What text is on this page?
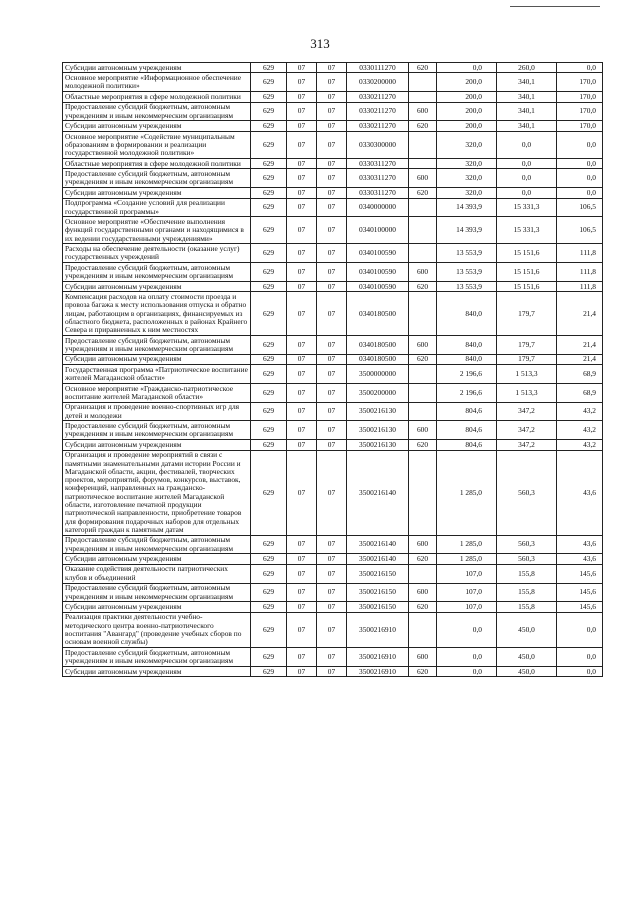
313
Субсидии автономным учреждениям	629	07	07	0330111270	620	0,0	260,0	0,0
Основное мероприятие «Информационное обеспечение молодежной политики»	629	07	07	0330200000		200,0	340,1	170,0
Областные мероприятия в сфере молодежной политики	629	07	07	0330211270		200,0	340,1	170,0
Предоставление субсидий бюджетным, автономным учреждениям и иным некоммерческим организациям	629	07	07	0330211270	600	200,0	340,1	170,0
Субсидии автономным учреждениям	629	07	07	0330211270	620	200,0	340,1	170,0
Основное мероприятие «Содействие муниципальным образованиям в формировании и реализации государственной молодежной политики»	629	07	07	0330300000		320,0	0,0	0,0
Областные мероприятия в сфере молодежной политики	629	07	07	0330311270		320,0	0,0	0,0
Предоставление субсидий бюджетным, автономным учреждениям и иным некоммерческим организациям	629	07	07	0330311270	600	320,0	0,0	0,0
Субсидии автономным учреждениям	629	07	07	0330311270	620	320,0	0,0	0,0
Подпрограмма «Создание условий для реализации государственной программы»	629	07	07	0340000000		14 393,9	15 331,3	106,5
Основное мероприятие «Обеспечение выполнения функций государственными органами и находящимися в их ведении государственными учреждениями»	629	07	07	0340100000		14 393,9	15 331,3	106,5
Расходы на обеспечение деятельности (оказание услуг) государственных учреждений	629	07	07	0340100590		13 553,9	15 151,6	111,8
Предоставление субсидий бюджетным, автономным учреждениям и иным некоммерческим организациям	629	07	07	0340100590	600	13 553,9	15 151,6	111,8
Субсидии автономным учреждениям	629	07	07	0340100590	620	13 553,9	15 151,6	111,8
Компенсация расходов на оплату стоимости проезда и провоза багажа к месту использования отпуска и обратно лицам, работающим в организациях, финансируемых из областного бюджета, расположенных в районах Крайнего Севера и приравненных к ним местностях	629	07	07	0340180500		840,0	179,7	21,4
Предоставление субсидий бюджетным, автономным учреждениям и иным некоммерческим организациям	629	07	07	0340180500	600	840,0	179,7	21,4
Субсидии автономным учреждениям	629	07	07	0340180500	620	840,0	179,7	21,4
Государственная программа «Патриотическое воспитание жителей Магаданской области»	629	07	07	3500000000		2 196,6	1 513,3	68,9
Основное мероприятие «Гражданско-патриотическое воспитание жителей Магаданской области»	629	07	07	3500200000		2 196,6	1 513,3	68,9
Организация и проведение военно-спортивных игр для детей и молодежи	629	07	07	3500216130		804,6	347,2	43,2
Предоставление субсидий бюджетным, автономным учреждениям и иным некоммерческим организациям	629	07	07	3500216130	600	804,6	347,2	43,2
Субсидии автономным учреждениям	629	07	07	3500216130	620	804,6	347,2	43,2
Организация и проведение мероприятий в связи с памятными знаменательными датами истории России и Магаданской области, акции, фестивалей, творческих проектов, мероприятий, форумов, конкурсов, выставок, конференций, направленных на гражданско-патриотическое воспитание жителей Магаданской области, изготовление печатной продукции патриотической направленности, приобретение товаров для формирования подарочных наборов для отдельных категорий граждан к памятным датам	629	07	07	3500216140		1 285,0	560,3	43,6
Предоставление субсидий бюджетным, автономным учреждениям и иным некоммерческим организациям	629	07	07	3500216140	600	1 285,0	560,3	43,6
Субсидии автономным учреждениям	629	07	07	3500216140	620	1 285,0	560,3	43,6
Оказание содействия деятельности патриотических клубов и объединений	629	07	07	3500216150		107,0	155,8	145,6
Предоставление субсидий бюджетным, автономным учреждениям и иным некоммерческим организациям	629	07	07	3500216150	600	107,0	155,8	145,6
Субсидии автономным учреждениям	629	07	07	3500216150	620	107,0	155,8	145,6
Реализация практики деятельности учебно-методического центра военно-патриотического воспитания "Авангард" (проведение учебных сборов по основам военной службы)	629	07	07	3500216910		0,0	450,0	0,0
Предоставление субсидий бюджетным, автономным учреждениям и иным некоммерческим организациям	629	07	07	3500216910	600	0,0	450,0	0,0
Субсидии автономным учреждениям	629	07	07	3500216910	620	0,0	450,0	0,0
